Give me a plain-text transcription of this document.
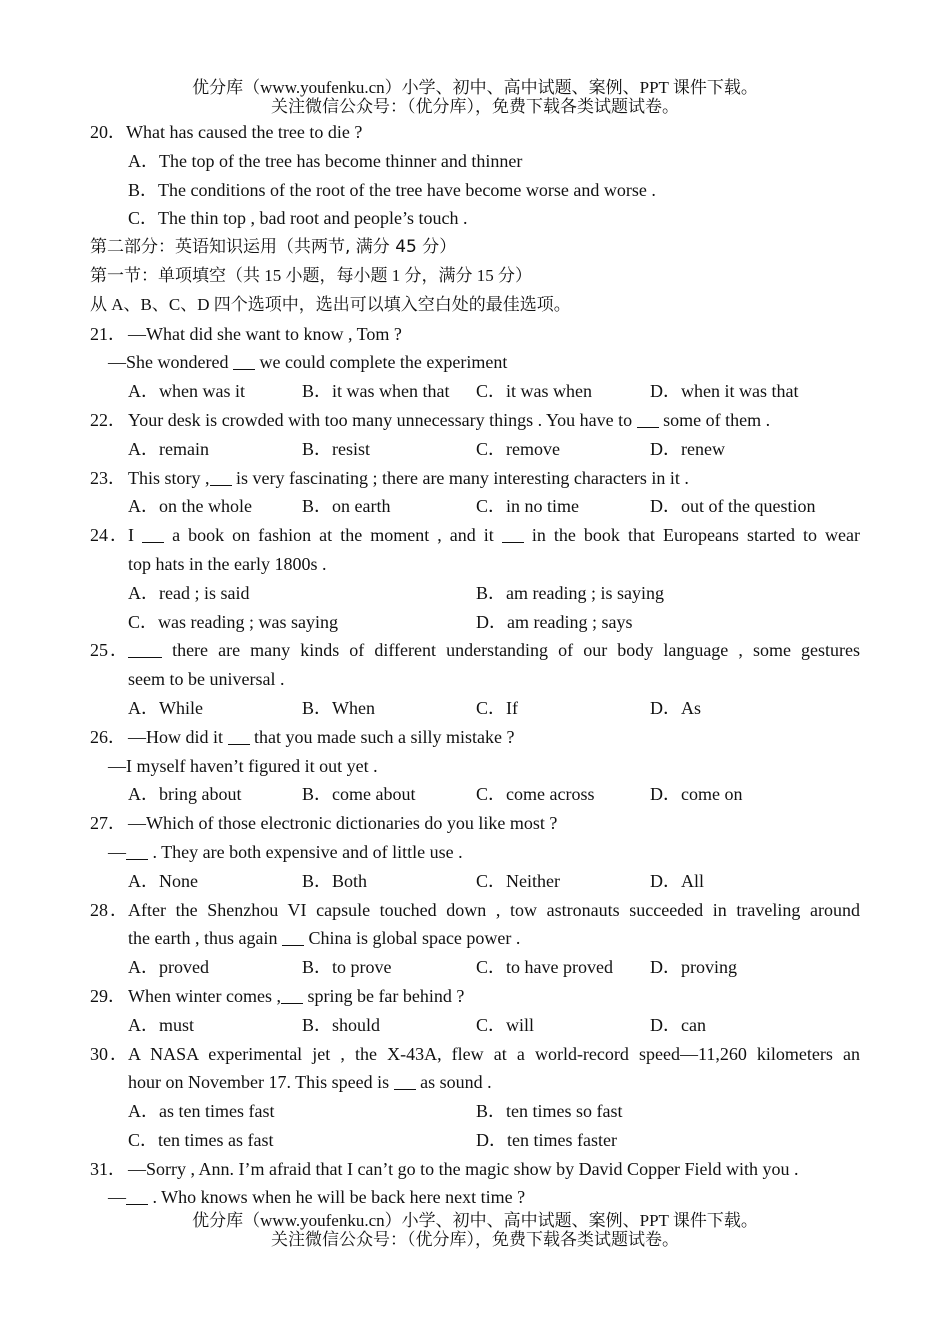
优分库（www.youfenku.cn）小学、初中、高中试题、案例、PPT 课件下载。
关注微信公众号：（优分库），免费下载各类试题试卷。
20．What has caused the tree to die ?
A．The top of the tree has become thinner and thinner
B．The conditions of the root of the tree have become worse and worse .
C．The thin top , bad root and people’s touch .
第二部分：英语知识运用（共两节, 满分 45 分）
第一节：单项填空（共 15 小题，每小题 1 分，满分 15 分）
从 A、B、C、D 四个选项中，选出可以填入空白处的最佳选项。
21． —What did she want to know , Tom ?
—She wondered  we could complete the experiment
A．when was it	B．it was when that	C．it was when	D．when it was that
22． Your desk is crowded with too many unnecessary things . You have to  some of them .
A．remain	B．resist	C．remove	D．renew
23． This story , is very fascinating ; there are many interesting characters in it .
A．on the whole	B．on earth	C．in no time	D．out of the question
24．I  a book on fashion at the moment , and it  in the book that Europeans started to wear
top hats in the early 1800s .
A．read ; is said	B．am reading ; is saying
C．was reading ; was saying	D．am reading ; says
25． there are many kinds of different understanding of our body language , some gestures
seem to be universal .
A．While	B．When	C．If	D．As
26． —How did it  that you made such a silly mistake ?
—I myself haven’t figured it out yet .
A．bring about	B．come about	C．come across	D．come on
27． —Which of those electronic dictionaries do you like most ?
— . They are both expensive and of little use .
A．None	B．Both	C．Neither	D．All
28．After the Shenzhou VI capsule touched down , tow astronauts succeeded in traveling around
the earth , thus again  China is global space power .
A．proved	B．to prove	C．to have proved	D．proving
29． When winter comes , spring be far behind ?
A．must	B．should	C．will	D．can
30．A NASA experimental jet , the X-43A, flew at a world-record speed—11,260 kilometers an
hour on November 17. This speed is  as sound .
A．as ten times fast	B．ten times so fast
C．ten times as fast	D．ten times faster
31． —Sorry , Ann. I’m afraid that I can’t go to the magic show by David Copper Field with you .
— . Who knows when he will be back here next time ?
优分库（www.youfenku.cn）小学、初中、高中试题、案例、PPT 课件下载。
关注微信公众号：（优分库），免费下载各类试题试卷。
